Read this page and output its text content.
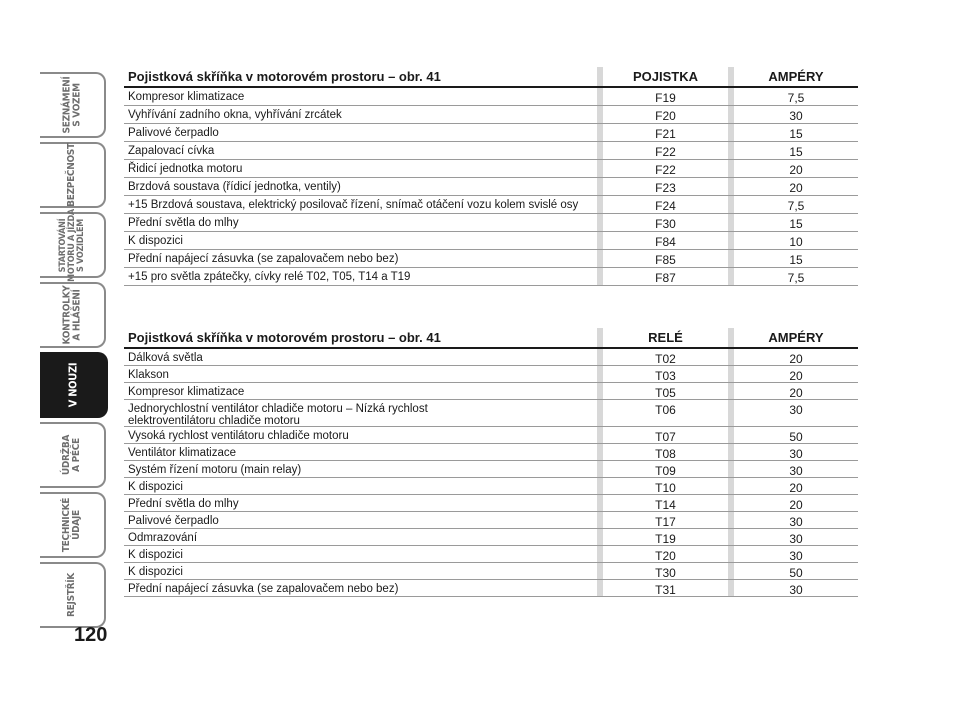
SEZNÁMENÍ
S VOZEM
BEZPEČNOST
STARTOVÁNÍ
MOTORU A JÍZDA
S VOZIDLEM
KONTROLKY
A HLÁŠENÍ
V NOUZI
ÚDRŽBA
A PÉČE
TECHNICKÉ
ÚDAJE
REJSTŘÍK
120
Pojistková skříňka v motorovém prostoru – obr. 41	POJISTKA	AMPÉRY
Kompresor klimatizace	F19	7,5
Vyhřívání zadního okna, vyhřívání zrcátek	F20	30
Palivové čerpadlo	F21	15
Zapalovací cívka	F22	15
Řidicí jednotka motoru	F22	20
Brzdová soustava (řídicí jednotka, ventily)	F23	20
+15 Brzdová soustava, elektrický posilovač řízení, snímač otáčení vozu kolem svislé osy	F24	7,5
Přední světla do mlhy	F30	15
K dispozici	F84	10
Přední napájecí zásuvka (se zapalovačem nebo bez)	F85	15
+15 pro světla zpátečky, cívky relé T02, T05, T14 a T19	F87	7,5
Pojistková skříňka v motorovém prostoru – obr. 41	RELÉ	AMPÉRY
Dálková světla	T02	20
Klakson	T03	20
Kompresor klimatizace	T05	20
Jednorychlostní ventilátor chladiče motoru – Nízká rychlost
elektroventilátoru chladiče motoru
T06	30
Vysoká rychlost ventilátoru chladiče motoru	T07	50
Ventilátor klimatizace	T08	30
Systém řízení motoru (main relay)	T09	30
K dispozici	T10	20
Přední světla do mlhy	T14	20
Palivové čerpadlo	T17	30
Odmrazování	T19	30
K dispozici	T20	30
K dispozici	T30	50
Přední napájecí zásuvka (se zapalovačem nebo bez)	T31	30
